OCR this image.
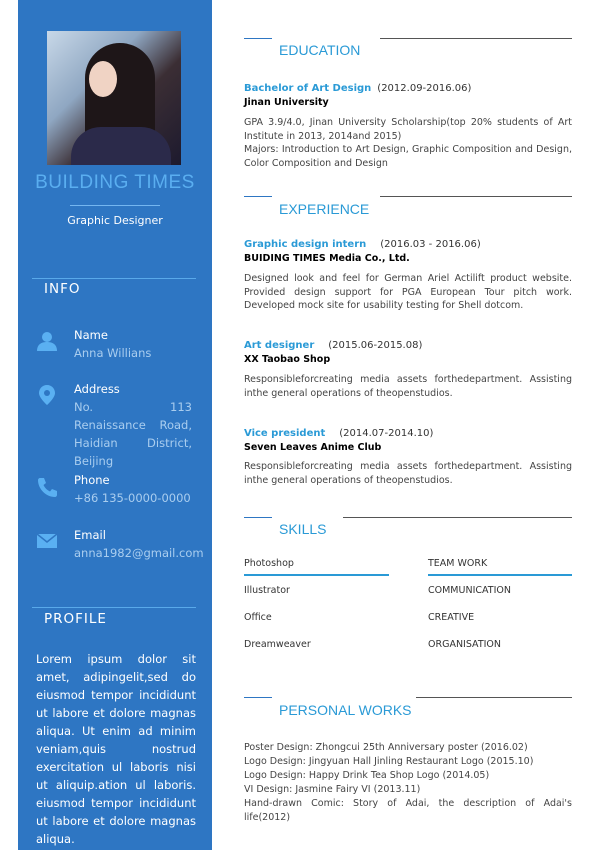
BUILDING TIMES
Graphic Designer
INFO
Name
Anna Willians
Address
No. 113 Renaissance Road, Haidian District, Beijing
Phone
+86 135-0000-0000
Email
anna1982@gmail.com
PROFILE
Lorem ipsum dolor sit amet, adipingelit,sed do eiusmod tempor incididunt ut labore et dolore magnas aliqua. Ut enim ad minim veniam,quis nostrud exercitation ul laboris nisi ut aliquip.ation ul laboris. eiusmod tempor incididunt ut labore et dolore magnas aliqua.
EDUCATION
Bachelor of Art Design (2012.09-2016.06)
Jinan University
GPA 3.9/4.0, Jinan University Scholarship(top 20% students of Art Institute in 2013, 2014and 2015)
Majors: Introduction to Art Design, Graphic Composition and Design, Color Composition and Design
EXPERIENCE
Graphic design intern (2016.03 - 2016.06)
BUIDING TIMES Media Co., Ltd.
Designed look and feel for German Ariel Actilift product website. Provided design support for PGA European Tour pitch work. Developed mock site for usability testing for Shell dotcom.
Art designer (2015.06-2015.08)
XX Taobao Shop
Responsibleforcreating media assets forthedepartment. Assisting inthe general operations of theopenstudios.
Vice president (2014.07-2014.10)
Seven Leaves Anime Club
Responsibleforcreating media assets forthedepartment. Assisting inthe general operations of theopenstudios.
SKILLS
Photoshop
Illustrator
Office
Dreamweaver
TEAM WORK
COMMUNICATION
CREATIVE
ORGANISATION
PERSONAL WORKS
Poster Design: Zhongcui 25th Anniversary poster (2016.02)
Logo Design: Jingyuan Hall Jinling Restaurant Logo (2015.10)
Logo Design: Happy Drink Tea Shop Logo (2014.05)
VI Design: Jasmine Fairy VI (2013.11)
Hand-drawn Comic: Story of Adai, the description of Adai's life(2012)
